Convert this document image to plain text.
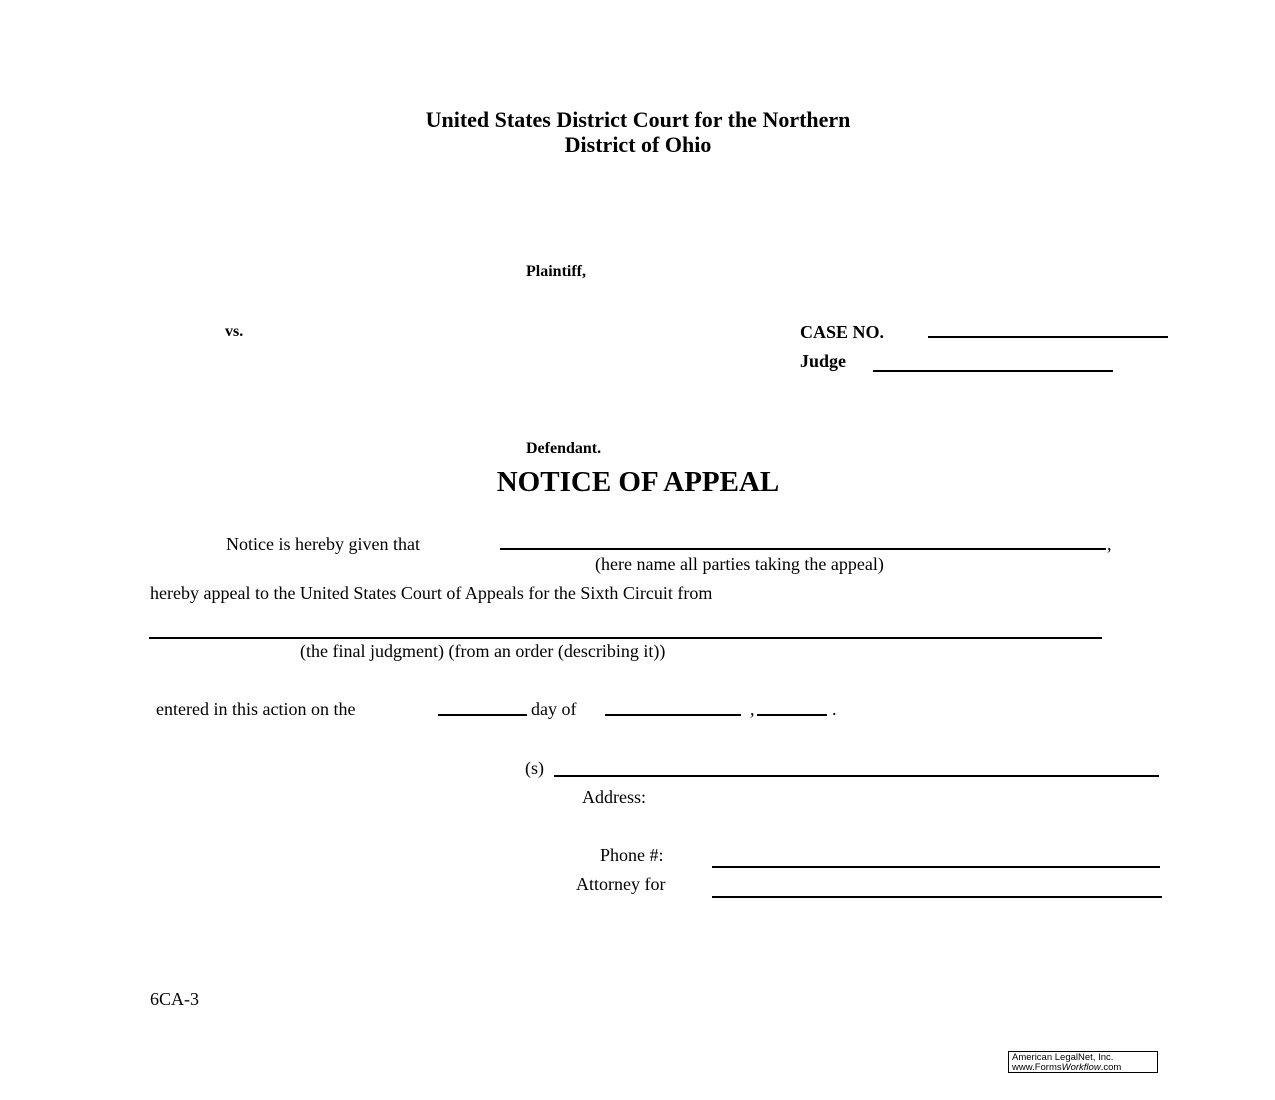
United States District Court for the Northern
District of Ohio
Plaintiff,
vs.	CASE NO.
Judge
Defendant.
NOTICE OF APPEAL
Notice is hereby given that	,
(here name all parties taking the appeal)
hereby appeal to the United States Court of Appeals for the Sixth Circuit from
(the final judgment) (from an order (describing it))
entered in this action on the	day of	,	.
(s)
Address:
Phone #:
Attorney for
6CA-3
American LegalNet, Inc.
www.FormsWorkflow.com
